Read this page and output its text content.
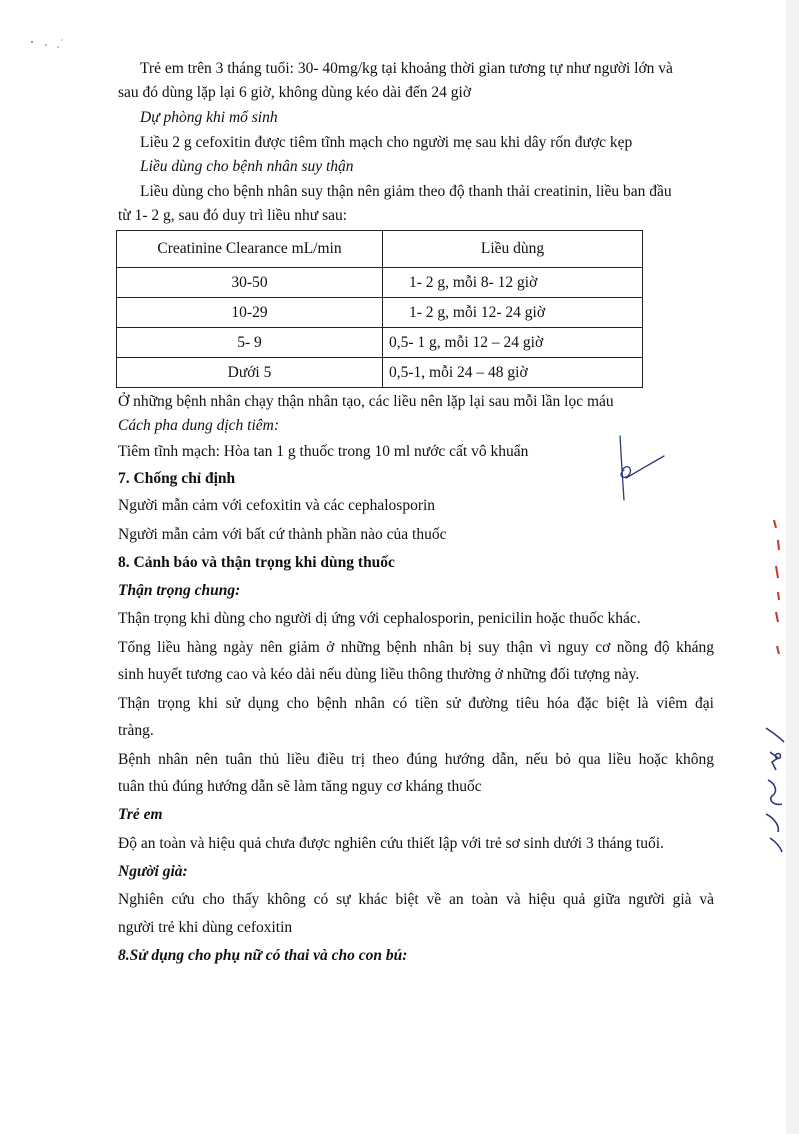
Trẻ em trên 3 tháng tuổi: 30- 40mg/kg tại khoảng thời gian tương tự như người lớn và
sau đó dùng lặp lại 6 giờ, không dùng kéo dài đến 24 giờ
Dự phòng khi mổ sinh
Liều 2 g cefoxitin được tiêm tĩnh mạch cho người mẹ sau khi dây rốn được kẹp
Liều dùng cho bệnh nhân suy thận
Liều dùng cho bệnh nhân suy thận nên giảm theo độ thanh thải creatinin, liều ban đầu
từ 1- 2 g, sau đó duy trì liều như sau:
Creatinine Clearance mL/min	Liều dùng
30-50	1- 2 g, mỗi 8- 12 giờ
10-29	1- 2 g, mỗi 12- 24 giờ
5- 9	0,5- 1 g, mỗi 12 – 24 giờ
Dưới 5	0,5-1, mỗi 24 – 48 giờ
Ở những bệnh nhân chạy thận nhân tạo, các liều nên lặp lại sau mỗi lần lọc máu
Cách pha dung dịch tiêm:
Tiêm tĩnh mạch: Hòa tan 1 g thuốc trong 10 ml nước cất vô khuẩn
7. Chống chỉ định
Người mẫn cảm với cefoxitin và các cephalosporin
Người mẫn cảm với bất cứ thành phần nào của thuốc
8. Cảnh báo và thận trọng khi dùng thuốc
Thận trọng chung:
Thận trọng khi dùng cho người dị ứng với cephalosporin, penicilin hoặc thuốc khác.
Tổng liều hàng ngày nên giảm ở những bệnh nhân bị suy thận vì nguy cơ nồng độ kháng
sinh huyết tương cao và kéo dài nếu dùng liều thông thường ở những đối tượng này.
Thận trọng khi sử dụng cho bệnh nhân có tiền sử đường tiêu hóa đặc biệt là viêm đại
tràng.
Bệnh nhân nên tuân thủ liều điều trị theo đúng hướng dẫn, nếu bỏ qua liều hoặc không
tuân thủ đúng hướng dẫn sẽ làm tăng nguy cơ kháng thuốc
Trẻ em
Độ an toàn và hiệu quả chưa được nghiên cứu thiết lập với trẻ sơ sinh dưới 3 tháng tuổi.
Người già:
Nghiên cứu cho thấy không có sự khác biệt về an toàn và hiệu quả giữa người già và
người trẻ khi dùng cefoxitin
8.Sử dụng cho phụ nữ có thai và cho con bú:
